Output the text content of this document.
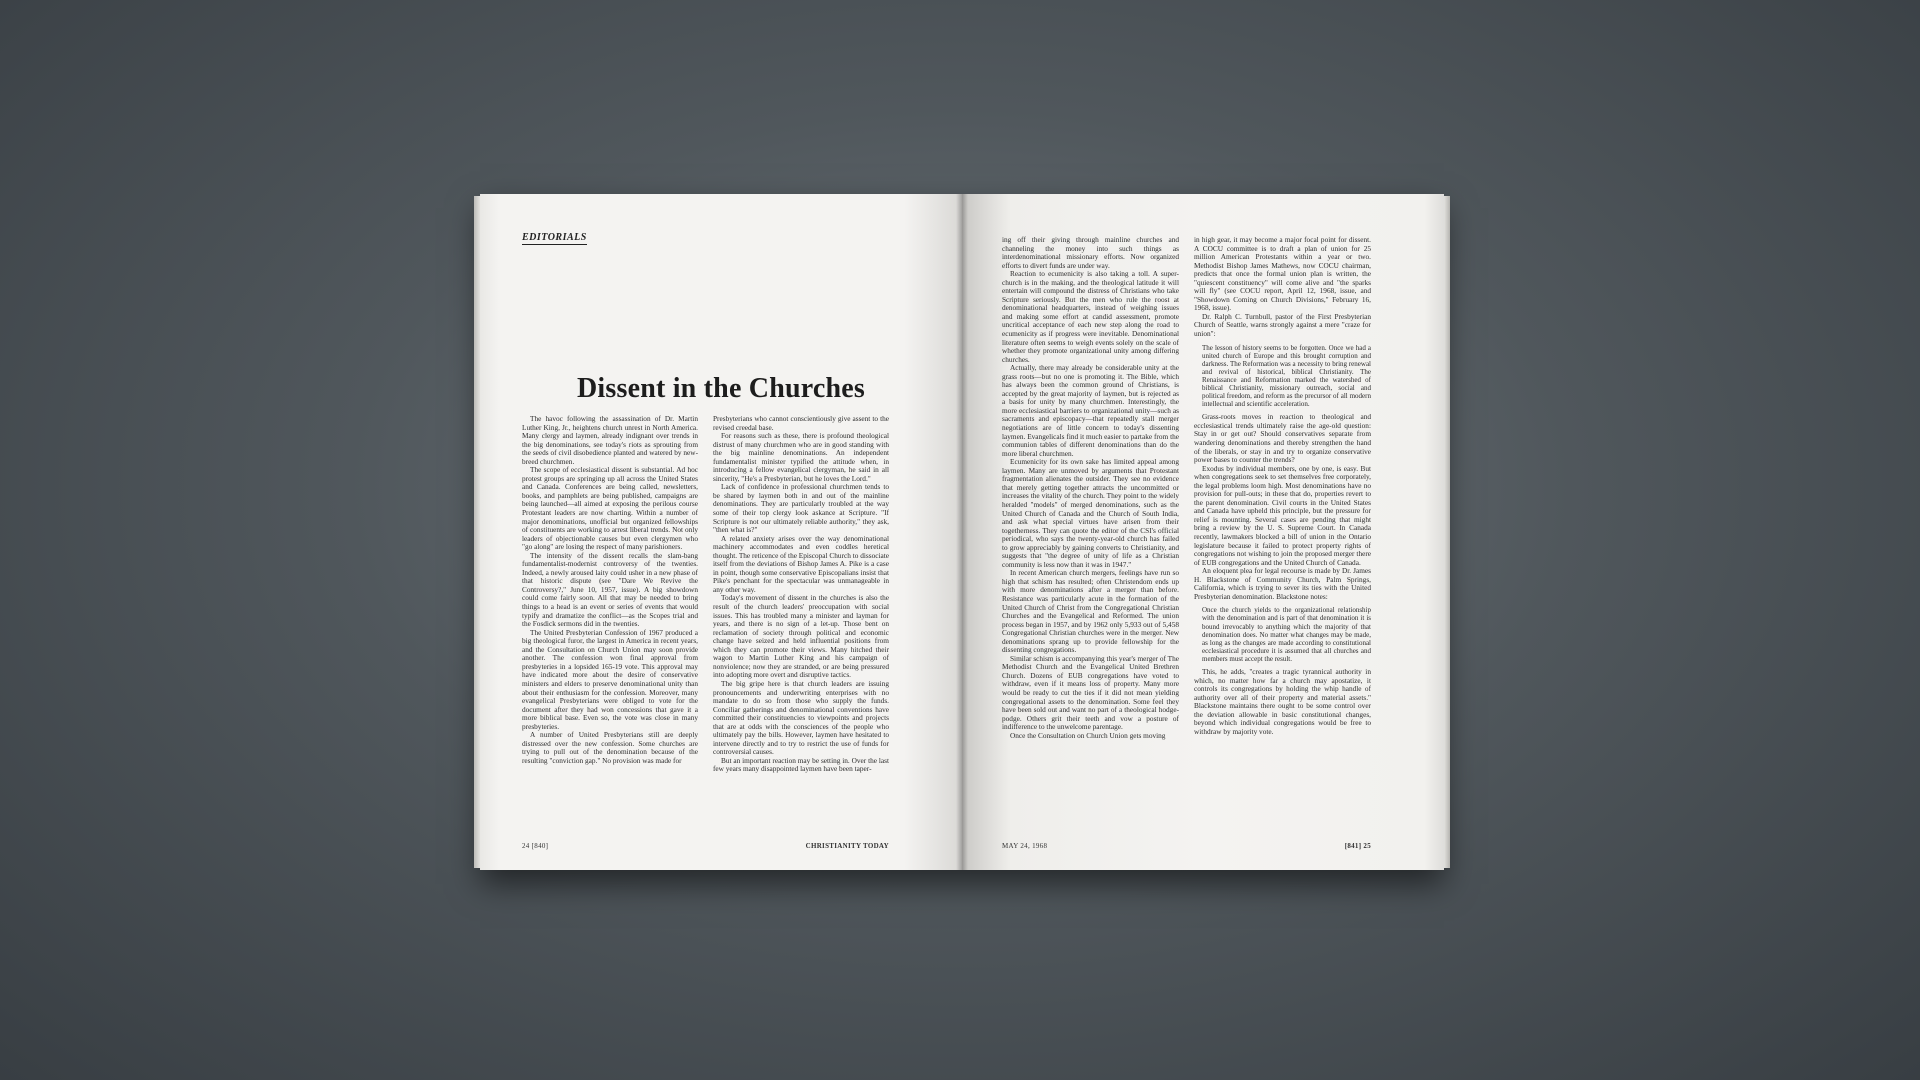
EDITORIALS
Dissent in the Churches

The havoc following the assassination of Dr. Martin Luther King, Jr., heightens church unrest in North America. Many clergy and laymen, already indignant over trends in the big denominations, see today's riots as sprouting from the seeds of civil disobedience planted and watered by new-breed churchmen.

The scope of ecclesiastical dissent is substantial. Ad hoc protest groups are springing up all across the United States and Canada. Conferences are being called, newsletters, books, and pamphlets are being published, campaigns are being launched—all aimed at exposing the perilous course Protestant leaders are now charting. Within a number of major denominations, unofficial but organized fellowships of constituents are working to arrest liberal trends. Not only leaders of objectionable causes but even clergymen who "go along" are losing the respect of many parishioners.

The intensity of the dissent recalls the slam-bang fundamentalist-modernist controversy of the twenties. Indeed, a newly aroused laity could usher in a new phase of that historic dispute (see "Dare We Revive the Controversy?," June 10, 1957, issue). A big showdown could come fairly soon. All that may be needed to bring things to a head is an event or series of events that would typify and dramatize the conflict—as the Scopes trial and the Fosdick sermons did in the twenties.

The United Presbyterian Confession of 1967 produced a big theological furor, the largest in America in recent years, and the Consultation on Church Union may soon provide another. The confession won final approval from presbyteries in a lopsided 165-19 vote. This approval may have indicated more about the desire of conservative ministers and elders to preserve denominational unity than about their enthusiasm for the confession. Moreover, many evangelical Presbyterians were obliged to vote for the document after they had won concessions that gave it a more biblical base. Even so, the vote was close in many presbyteries.

A number of United Presbyterians still are deeply distressed over the new confession. Some churches are trying to pull out of the denomination because of the resulting "conviction gap." No provision was made for

Presbyterians who cannot conscientiously give assent to the revised creedal base.

For reasons such as these, there is profound theological distrust of many churchmen who are in good standing with the big mainline denominations. An independent fundamentalist minister typified the attitude when, in introducing a fellow evangelical clergyman, he said in all sincerity, "He's a Presbyterian, but he loves the Lord."

Lack of confidence in professional churchmen tends to be shared by laymen both in and out of the mainline denominations. They are particularly troubled at the way some of their top clergy look askance at Scripture. "If Scripture is not our ultimately reliable authority," they ask, "then what is?"

A related anxiety arises over the way denominational machinery accommodates and even coddles heretical thought. The reticence of the Episcopal Church to dissociate itself from the deviations of Bishop James A. Pike is a case in point, though some conservative Episcopalians insist that Pike's penchant for the spectacular was unmanageable in any other way.

Today's movement of dissent in the churches is also the result of the church leaders' preoccupation with social issues. This has troubled many a minister and layman for years, and there is no sign of a let-up. Those bent on reclamation of society through political and economic change have seized and held influential positions from which they can promote their views. Many hitched their wagon to Martin Luther King and his campaign of nonviolence; now they are stranded, or are being pressured into adopting more overt and disruptive tactics.

The big gripe here is that church leaders are issuing pronouncements and underwriting enterprises with no mandate to do so from those who supply the funds. Conciliar gatherings and denominational conventions have committed their constituencies to viewpoints and projects that are at odds with the consciences of the people who ultimately pay the bills. However, laymen have hesitated to intervene directly and to try to restrict the use of funds for controversial causes.

But an important reaction may be setting in. Over the last few years many disappointed laymen have been taper-

24 [840]	CHRISTIANITY TODAY

ing off their giving through mainline churches and channeling the money into such things as interdenominational missionary efforts. Now organized efforts to divert funds are under way.

Reaction to ecumenicity is also taking a toll. A super-church is in the making, and the theological latitude it will entertain will compound the distress of Christians who take Scripture seriously. But the men who rule the roost at denominational headquarters, instead of weighing issues and making some effort at candid assessment, promote uncritical acceptance of each new step along the road to ecumenicity as if progress were inevitable. Denominational literature often seems to weigh events solely on the scale of whether they promote organizational unity among differing churches.

Actually, there may already be considerable unity at the grass roots—but no one is promoting it. The Bible, which has always been the common ground of Christians, is accepted by the great majority of laymen, but is rejected as a basis for unity by many churchmen. Interestingly, the more ecclesiastical barriers to organizational unity—such as sacraments and episcopacy—that repeatedly stall merger negotiations are of little concern to today's dissenting laymen. Evangelicals find it much easier to partake from the communion tables of different denominations than do the more liberal churchmen.

Ecumenicity for its own sake has limited appeal among laymen. Many are unmoved by arguments that Protestant fragmentation alienates the outsider. They see no evidence that merely getting together attracts the uncommitted or increases the vitality of the church. They point to the widely heralded "models" of merged denominations, such as the United Church of Canada and the Church of South India, and ask what special virtues have arisen from their togetherness. They can quote the editor of the CSI's official periodical, who says the twenty-year-old church has failed to grow appreciably by gaining converts to Christianity, and suggests that "the degree of unity of life as a Christian community is less now than it was in 1947."

In recent American church mergers, feelings have run so high that schism has resulted; often Christendom ends up with more denominations after a merger than before. Resistance was particularly acute in the formation of the United Church of Christ from the Congregational Christian Churches and the Evangelical and Reformed. The union process began in 1957, and by 1962 only 5,933 out of 5,458 Congregational Christian churches were in the merger. New denominations sprang up to provide fellowship for the dissenting congregations.

Similar schism is accompanying this year's merger of The Methodist Church and the Evangelical United Brethren Church. Dozens of EUB congregations have voted to withdraw, even if it means loss of property. Many more would be ready to cut the ties if it did not mean yielding congregational assets to the denomination. Some feel they have been sold out and want no part of a theological hodge-podge. Others grit their teeth and vow a posture of indifference to the unwelcome parentage.

Once the Consultation on Church Union gets moving

in high gear, it may become a major focal point for dissent. A COCU committee is to draft a plan of union for 25 million American Protestants within a year or two. Methodist Bishop James Mathews, now COCU chairman, predicts that once the formal union plan is written, the "quiescent constituency" will come alive and "the sparks will fly" (see COCU report, April 12, 1968, issue, and "Showdown Coming on Church Divisions," February 16, 1968, issue).

Dr. Ralph C. Turnbull, pastor of the First Presbyterian Church of Seattle, warns strongly against a mere "craze for union":

The lesson of history seems to be forgotten. Once we had a united church of Europe and this brought corruption and darkness. The Reformation was a necessity to bring renewal and revival of historical, biblical Christianity. The Renaissance and Reformation marked the watershed of biblical Christianity, missionary outreach, social and political freedom, and reform as the precursor of all modern intellectual and scientific acceleration.

Grass-roots moves in reaction to theological and ecclesiastical trends ultimately raise the age-old question: Stay in or get out? Should conservatives separate from wandering denominations and thereby strengthen the hand of the liberals, or stay in and try to organize conservative power bases to counter the trends?

Exodus by individual members, one by one, is easy. But when congregations seek to set themselves free corporately, the legal problems loom high. Most denominations have no provision for pull-outs; in these that do, properties revert to the parent denomination. Civil courts in the United States and Canada have upheld this principle, but the pressure for relief is mounting. Several cases are pending that might bring a review by the U. S. Supreme Court. In Canada recently, lawmakers blocked a bill of union in the Ontario legislature because it failed to protect property rights of congregations not wishing to join the proposed merger there of EUB congregations and the United Church of Canada.

An eloquent plea for legal recourse is made by Dr. James H. Blackstone of Community Church, Palm Springs, California, which is trying to sever its ties with the United Presbyterian denomination. Blackstone notes:

Once the church yields to the organizational relationship with the denomination and is part of that denomination it is bound irrevocably to anything which the majority of that denomination does. No matter what changes may be made, as long as the changes are made according to constitutional ecclesiastical procedure it is assumed that all churches and members must accept the result.

This, he adds, "creates a tragic tyrannical authority in which, no matter how far a church may apostatize, it controls its congregations by holding the whip handle of authority over all of their property and material assets." Blackstone maintains there ought to be some control over the deviation allowable in basic constitutional changes, beyond which individual congregations would be free to withdraw by majority vote.

MAY 24, 1968	[841] 25
